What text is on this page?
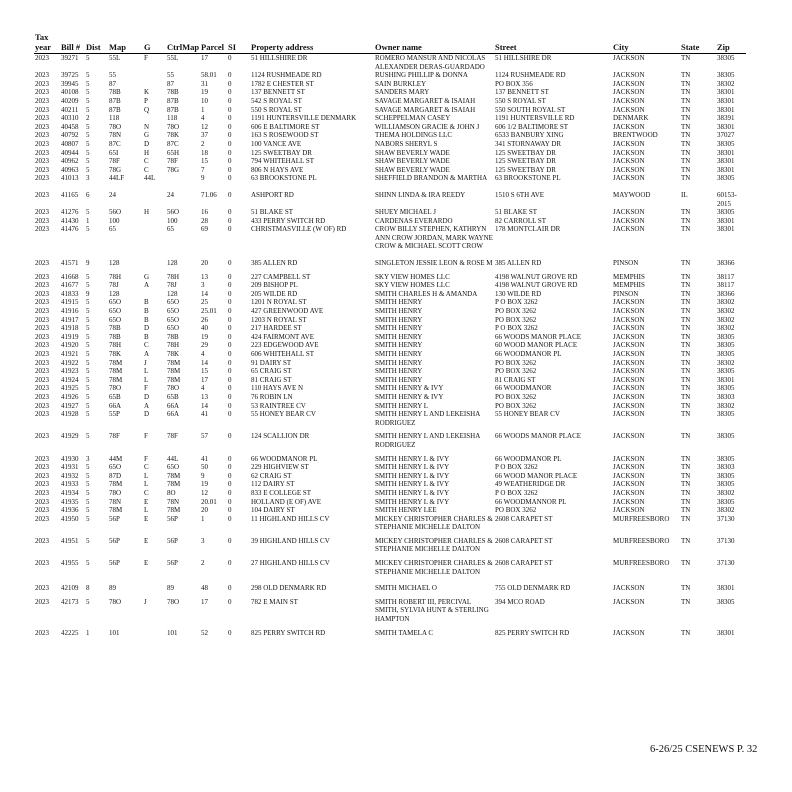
Tax year	Bill #	Dist	Map	G	CtrlMap	Parcel	SI	Property address	Owner name	Street	City	State	Zip
2023	39271	5	55L	F	55L	17	0	51 HILLSHIRE DR	ROMERO MANSUR AND NICOLAS ALEXANDER DERAS-GUARDADO	51 HILLSHIRE DR	JACKSON	TN	38305
2023	39725	5	55		55	58.01	0	1124 RUSHMEADE RD	RUSHING PHILLIP & DONNA	1124 RUSHMEADE RD	JACKSON	TN	38305
2023	39945	5	87		87	31	0	1782 E CHESTER ST	SAIN BURKLEY	PO BOX 356	JACKSON	TN	38302
2023	40108	5	78B	K	78B	19	0	137 BENNETT ST	SANDERS MARY	137 BENNETT ST	JACKSON	TN	38301
2023	40209	5	87B	P	87B	10	0	542 S ROYAL ST	SAVAGE MARGARET & ISAIAH	550 S ROYAL ST	JACKSON	TN	38301
2023	40211	5	87B	Q	87B	1	0	550 S ROYAL ST	SAVAGE MARGARET & ISAIAH	550 SOUTH ROYAL ST	JACKSON	TN	38301
2023	40310	2	118		118	4	0	1191 HUNTERSVILLE DENMARK	SCHEPPELMAN CASEY	1191 HUNTERSVILLE RD	DENMARK	TN	38391
2023	40458	5	78O	N	78O	12	0	606 E BALTIMORE ST	WILLIAMSON GRACIE & JOHN J	606 1/2 BALTIMORE ST	JACKSON	TN	38301
2023	40792	5	78N	G	78K	37	0	163 S ROSEWOOD ST	THEMA HOLDINGS LLC	6533 BANBURY XING	BRENTWOOD	TN	37027
2023	40807	5	87C	D	87C	2	0	100 VANCE AVE	NABORS SHERYL S	341 STORNAWAY DR	JACKSON	TN	38305
2023	40944	5	65I	H	65H	18	0	125 SWEETBAY DR	SHAW BEVERLY WADE	125 SWEETBAY DR	JACKSON	TN	38301
2023	40962	5	78F	C	78F	15	0	794 WHITEHALL ST	SHAW BEVERLY WADE	125 SWEETBAY DR	JACKSON	TN	38301
2023	40963	5	78G	C	78G	7	0	806 N HAYS AVE	SHAW BEVERLY WADE	125 SWEETBAY DR	JACKSON	TN	38301
2023	41013	3	44LF	44L		9	0	63 BROOKSTONE PL	SHEFFIELD BRANDON & MARTHA	63 BROOKSTONE PL	JACKSON	TN	38305
2023	41165	6	24		24	71.06	0	ASHPORT RD	SHINN LINDA & IRA REEDY	1510 S 6TH AVE	MAYWOOD	IL	60153-2015
2023	41276	5	56O	H	56O	16	0	51 BLAKE ST	SHUEY MICHAEL J	51 BLAKE ST	JACKSON	TN	38305
2023	41430	1	100		100	28	0	433 PERRY SWITCH RD	CARDENAS EVERARDO	82 CARROLL ST	JACKSON	TN	38301
2023	41476	5	65		65	69	0	CHRISTMASVILLE (W OF) RD	CROW BILLY STEPHEN, KATHRYN ANN CROW JORDAN, MARK WAYNE CROW & MICHAEL SCOTT CROW	178 MONTCLAIR DR	JACKSON	TN	38301
2023	41571	9	128		128	20	0	385 ALLEN RD	SINGLETON JESSIE LEON & ROSE M	385 ALLEN RD	PINSON	TN	38366
2023	41668	5	78H	G	78H	13	0	227 CAMPBELL ST	SKY VIEW HOMES LLC	4198 WALNUT GROVE RD	MEMPHIS	TN	38117
2023	41677	5	78J	A	78J	3	0	209 BISHOP PL	SKY VIEW HOMES LLC	4198 WALNUT GROVE RD	MEMPHIS	TN	38117
2023	41833	9	128		128	14	0	205 WILDE RD	SMITH CHARLES H & AMANDA	130 WILDE RD	PINSON	TN	38366
2023	41915	5	65O	B	65O	25	0	1201 N ROYAL ST	SMITH HENRY	P O BOX 3262	JACKSON	TN	38302
2023	41916	5	65O	B	65O	25.01	0	427 GREENWOOD AVE	SMITH HENRY	PO BOX 3262	JACKSON	TN	38302
2023	41917	5	65O	B	65O	26	0	1203 N ROYAL ST	SMITH HENRY	PO BOX 3262	JACKSON	TN	38302
2023	41918	5	78B	D	65O	40	0	217 HARDEE ST	SMITH HENRY	P O BOX 3262	JACKSON	TN	38302
2023	41919	5	78B	B	78B	19	0	424 FAIRMONT AVE	SMITH HENRY	66 WOODS MANOR PLACE	JACKSON	TN	38305
2023	41920	5	78H	C	78H	29	0	223 EDGEWOOD AVE	SMITH HENRY	60 WOOD MANOR PLACE	JACKSON	TN	38305
2023	41921	5	78K	A	78K	4	0	606 WHITEHALL ST	SMITH HENRY	66 WOODMANOR PL	JACKSON	TN	38305
2023	41922	5	78M	J	78M	14	0	91 DAIRY ST	SMITH HENRY	PO BOX 3262	JACKSON	TN	38302
2023	41923	5	78M	L	78M	15	0	65 CRAIG ST	SMITH HENRY	PO BOX 3262	JACKSON	TN	38305
2023	41924	5	78M	L	78M	17	0	81 CRAIG ST	SMITH HENRY	81 CRAIG ST	JACKSON	TN	38301
2023	41925	5	78O	F	78O	4	0	110 HAYS AVE N	SMITH HENRY & IVY	66 WOODMANOR	JACKSON	TN	38305
2023	41926	5	65B	D	65B	13	0	76 ROBIN LN	SMITH HENRY & IVY	PO BOX 3262	JACKSON	TN	38303
2023	41927	5	66A	A	66A	14	0	53 RAINTREE CV	SMITH HENRY L	PO BOX 3262	JACKSON	TN	38302
2023	41928	5	55P	D	66A	41	0	55 HONEY BEAR CV	SMITH HENRY L AND LEKEISHA RODRIGUEZ	55 HONEY BEAR CV	JACKSON	TN	38305
2023	41929	5	78F	F	78F	57	0	124 SCALLION DR	SMITH HENRY L AND LEKEISHA RODRIGUEZ	66 WOODS MANOR PLACE	JACKSON	TN	38305
2023	41930	3	44M	F	44L	41	0	66 WOODMANOR PL	SMITH HENRY L & IVY	66 WOODMANOR PL	JACKSON	TN	38305
2023	41931	5	65O	C	65O	50	0	229 HIGHVIEW ST	SMITH HENRY L & IVY	P O BOX 3262	JACKSON	TN	38303
2023	41932	5	87D	L	78M	9	0	62 CRAIG ST	SMITH HENRY L & IVY	66 WOOD MANOR PLACE	JACKSON	TN	38305
2023	41933	5	78M	L	78M	19	0	112 DAIRY ST	SMITH HENRY L & IVY	49 WEATHERIDGE DR	JACKSON	TN	38305
2023	41934	5	78O	C	8O	12	0	833 E COLLEGE ST	SMITH HENRY L & IVY	P O BOX 3262	JACKSON	TN	38302
2023	41935	5	78N	E	78N	20.01	0	HOLLAND (E OF) AVE	SMITH HENRY L & IVY	66 WOODMANNOR PL	JACKSON	TN	38305
2023	41936	5	78M	L	78M	20	0	104 DAIRY ST	SMITH HENRY LEE	PO BOX 3262	JACKSON	TN	38302
2023	41950	5	56P	E	56P	1	0	11 HIGHLAND HILLS CV	MICKEY CHRISTOPHER CHARLES & STEPHANIE MICHELLE DALTON	2608 CARAPET ST	MURFREESBORO	TN	37130
2023	41951	5	56P	E	56P	3	0	39 HIGHLAND HILLS CV	MICKEY CHRISTOPHER CHARLES & STEPHANIE MICHELLE DALTON	2608 CARAPET ST	MURFREESBORO	TN	37130
2023	41955	5	56P	E	56P	2	0	27 HIGHLAND HILLS CV	MICKEY CHRISTOPHER CHARLES & STEPHANIE MICHELLE DALTON	2608 CARAPET ST	MURFREESBORO	TN	37130
2023	42109	8	89		89	48	0	298 OLD DENMARK RD	SMITH MICHAEL O	755 OLD DENMARK RD	JACKSON	TN	38301
2023	42173	5	78O	J	78O	17	0	782 E MAIN ST	SMITH ROBERT III, PERCIVAL SMITH, SYLVIA HUNT & STERLING HAMPTON	394 MCO ROAD	JACKSON	TN	38305
2023	42225	1	101		101	52	0	825 PERRY SWITCH RD	SMITH TAMELA C	825 PERRY SWITCH RD	JACKSON	TN	38301
6-26/25 CSENEWS P. 32
